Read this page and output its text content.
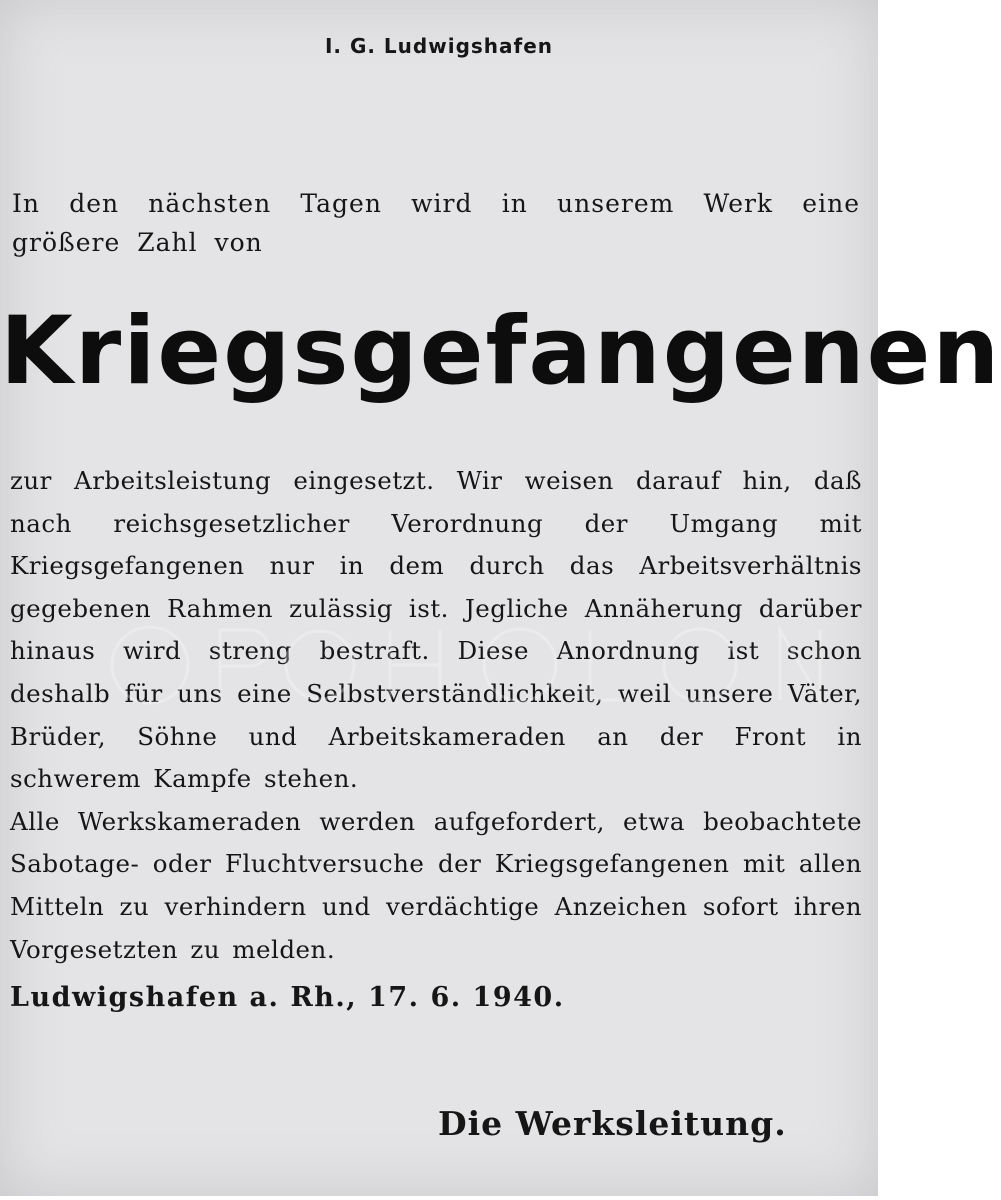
I. G. Ludwigshafen
In den nächsten Tagen wird in unserem Werk eine größere Zahl von
Kriegsgefangenen

zur Arbeitsleistung eingesetzt. Wir weisen darauf hin, daß nach reichsgesetzlicher Verordnung der Umgang mit Kriegsgefangenen nur in dem durch das Arbeitsverhältnis gegebenen Rahmen zulässig ist. Jegliche Annäherung darüber hinaus wird streng bestraft. Diese Anordnung ist schon deshalb für uns eine Selbstverständlichkeit, weil unsere Väter, Brüder, Söhne und Arbeitskameraden an der Front in schwerem Kampfe stehen.

Alle Werkskameraden werden aufgefordert, etwa beobachtete Sabotage- oder Fluchtversuche der Kriegsgefangenen mit allen Mitteln zu verhindern und verdächtige Anzeichen sofort ihren Vorgesetzten zu melden.

Ludwigshafen a. Rh., 17. 6. 1940.
Die Werksleitung.
